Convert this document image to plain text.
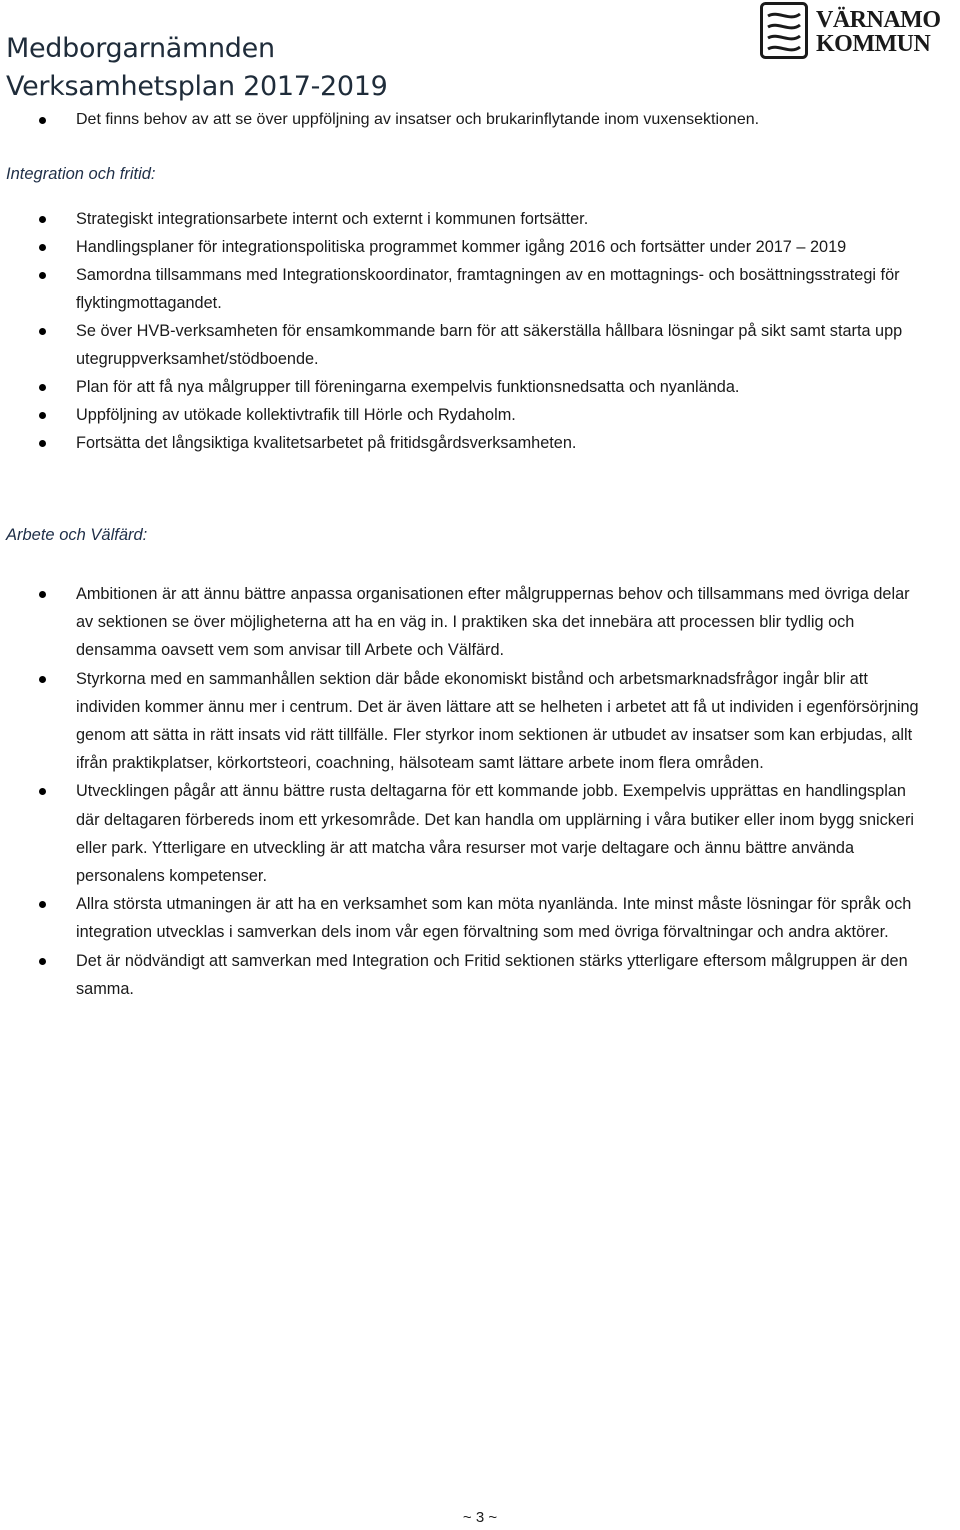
Medborgarnämnden
Verksamhetsplan 2017-2019
VÄRNAMO
KOMMUN
Det finns behov av att se över uppföljning av insatser och brukarinflytande inom vuxensektionen.
Integration och fritid:
Strategiskt integrationsarbete internt och externt i kommunen fortsätter.
Handlingsplaner för integrationspolitiska programmet kommer igång 2016 och fortsätter under 2017 – 2019
Samordna tillsammans med Integrationskoordinator, framtagningen av en mottagnings- och bosättningsstrategi för flyktingmottagandet.
Se över HVB-verksamheten för ensamkommande barn för att säkerställa hållbara lösningar på sikt samt starta upp utegruppverksamhet/stödboende.
Plan för att få nya målgrupper till föreningarna exempelvis funktionsnedsatta och nyanlända.
Uppföljning av utökade kollektivtrafik till Hörle och Rydaholm.
Fortsätta det långsiktiga kvalitetsarbetet på fritidsgårdsverksamheten.
Arbete och Välfärd:
Ambitionen är att ännu bättre anpassa organisationen efter målgruppernas behov och tillsammans med övriga delar av sektionen se över möjligheterna att ha en väg in. I praktiken ska det innebära att processen blir tydlig och densamma oavsett vem som anvisar till Arbete och Välfärd.
Styrkorna med en sammanhållen sektion där både ekonomiskt bistånd och arbetsmarknadsfrågor ingår blir att individen kommer ännu mer i centrum. Det är även lättare att se helheten i arbetet att få ut individen i egenförsörjning genom att sätta in rätt insats vid rätt tillfälle. Fler styrkor inom sektionen är utbudet av insatser som kan erbjudas, allt ifrån praktikplatser, körkortsteori, coachning, hälsoteam samt lättare arbete inom flera områden.
Utvecklingen pågår att ännu bättre rusta deltagarna för ett kommande jobb. Exempelvis upprättas en handlingsplan där deltagaren förbereds inom ett yrkesområde. Det kan handla om upplärning i våra butiker eller inom bygg snickeri eller park. Ytterligare en utveckling är att matcha våra resurser mot varje deltagare och ännu bättre använda personalens kompetenser.
Allra största utmaningen är att ha en verksamhet som kan möta nyanlända. Inte minst måste lösningar för språk och integration utvecklas i samverkan dels inom vår egen förvaltning som med övriga förvaltningar och andra aktörer.
Det är nödvändigt att samverkan med Integration och Fritid sektionen stärks ytterligare eftersom målgruppen är den samma.
~ 3 ~
